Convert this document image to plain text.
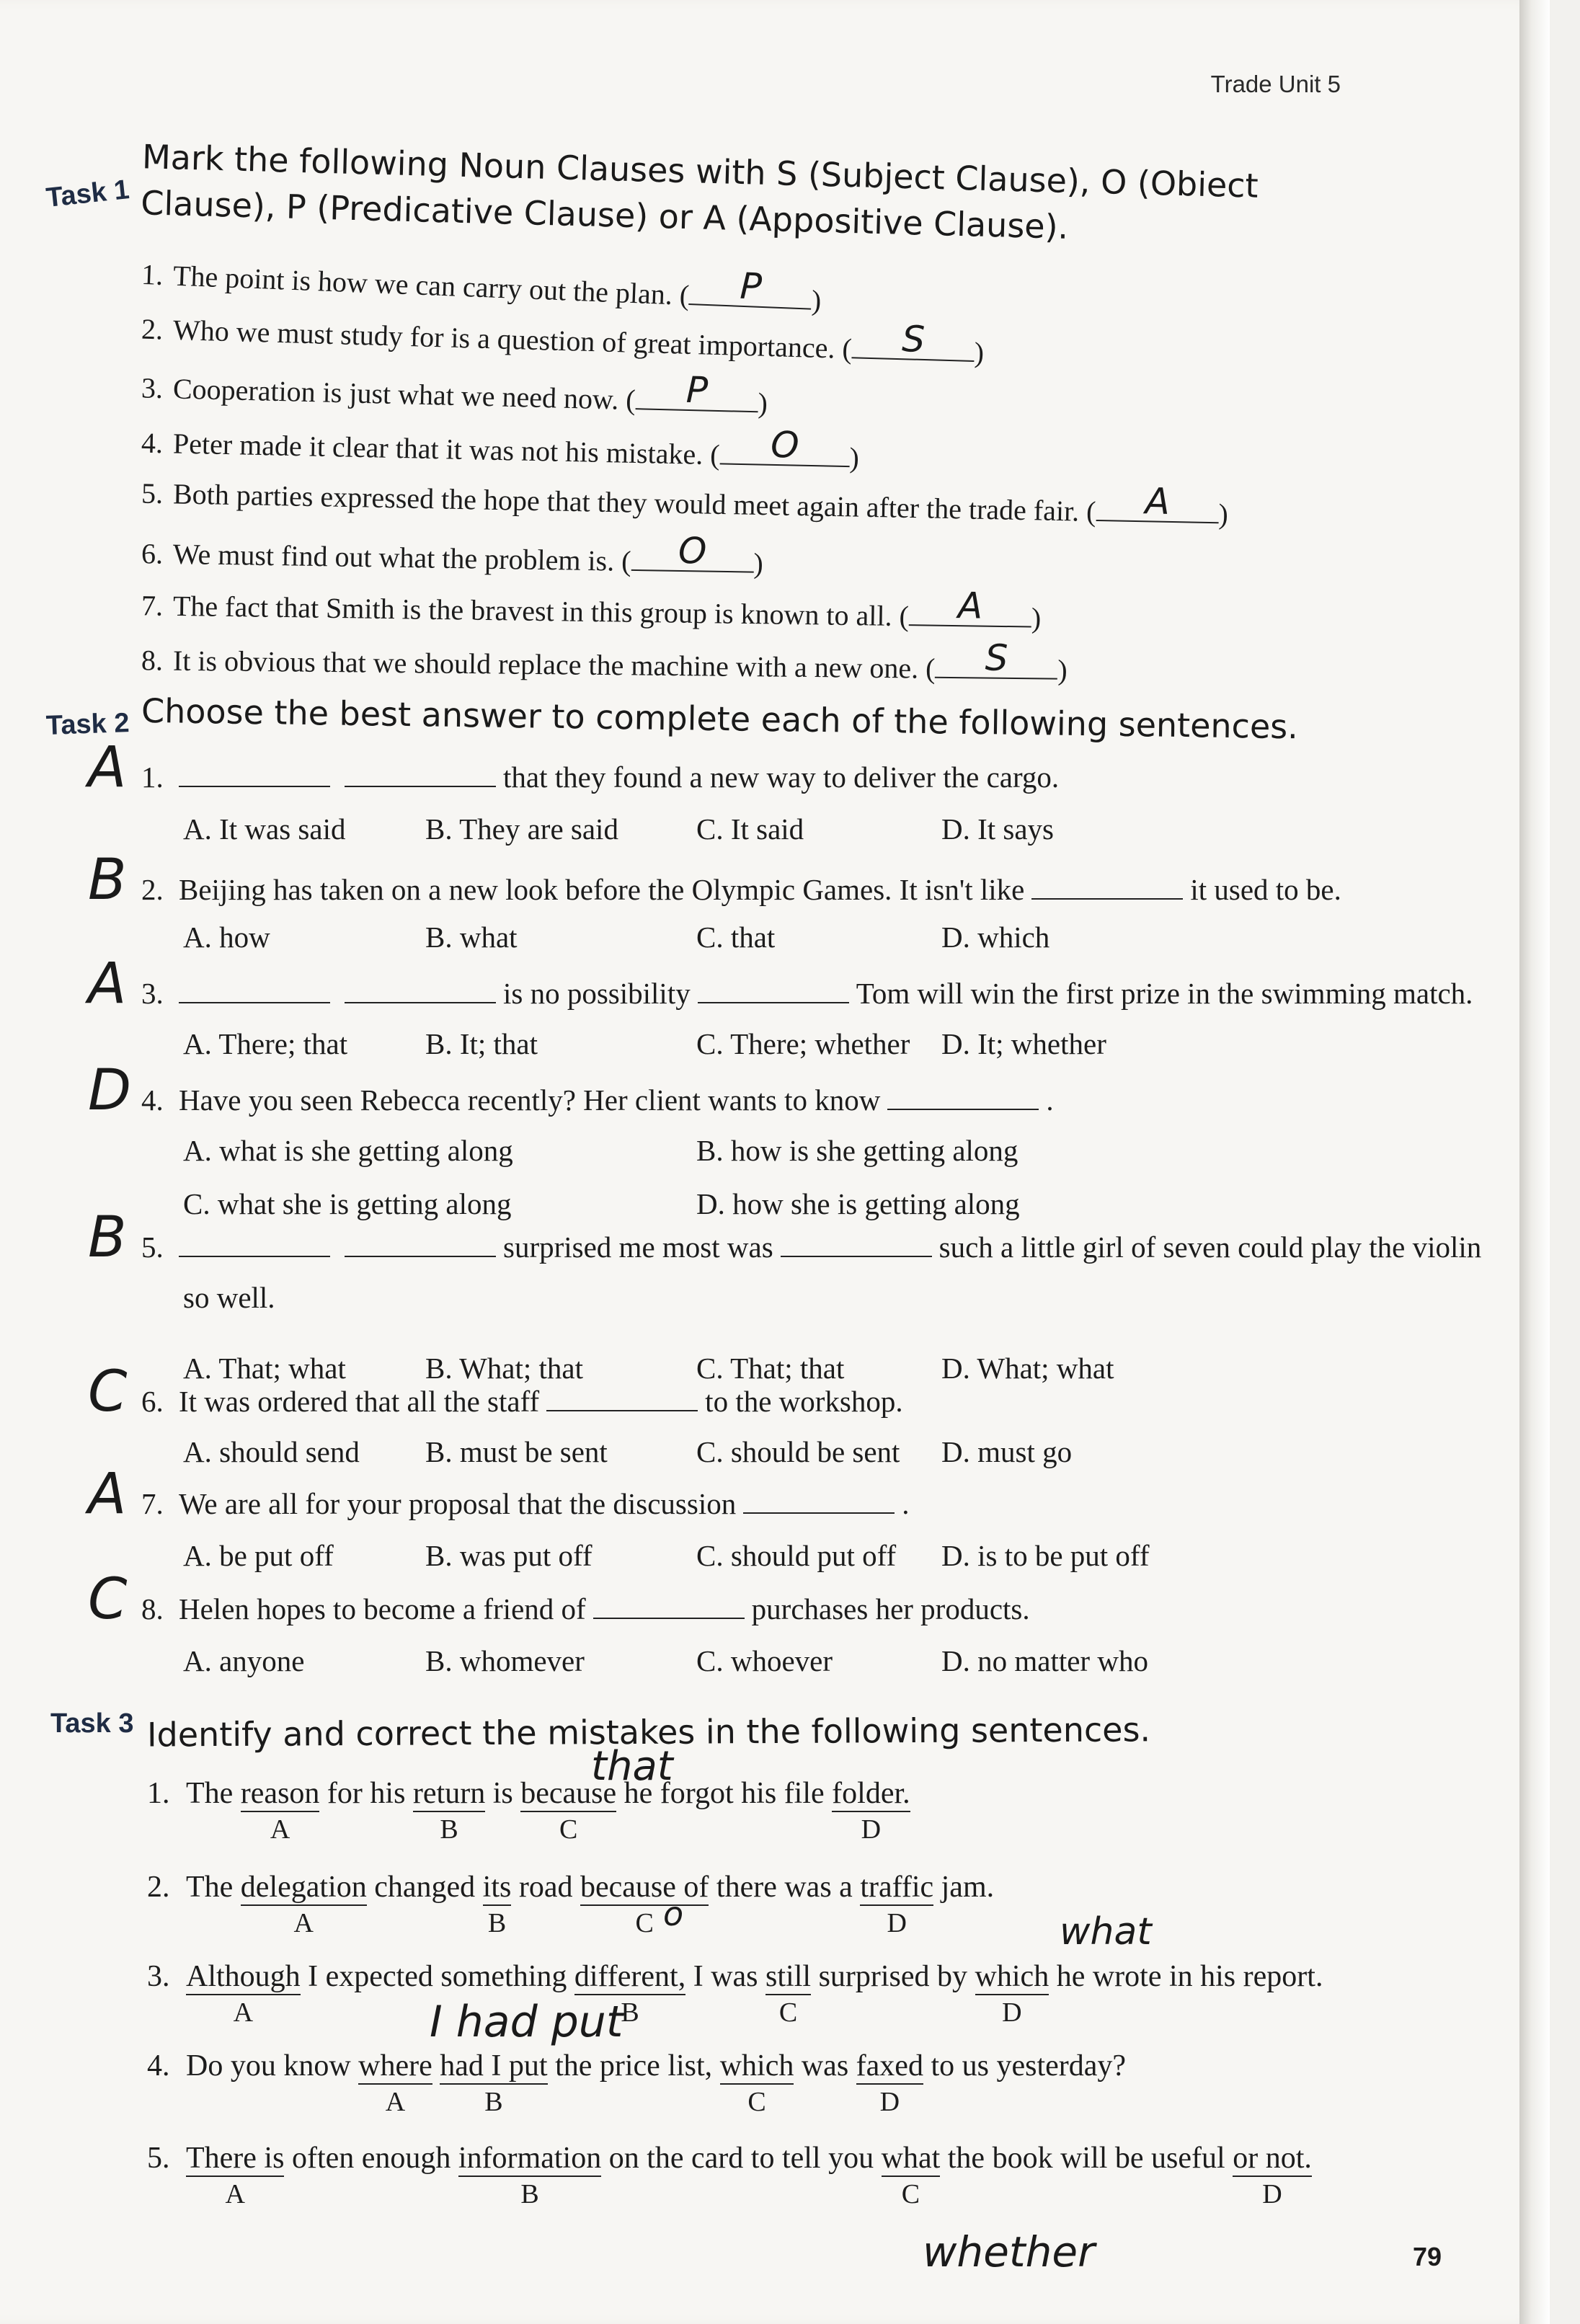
Trade Unit 5
Task 1 Mark the following Noun Clauses with S (Subject Clause), O (Obiect Clause), P (Predicative Clause) or A (Appositive Clause).
1. The point is how we can carry out the plan. (	P	)
2. Who we must study for is a question of great importance. (	S	)
3. Cooperation is just what we need now. (	P	)
4. Peter made it clear that it was not his mistake. (	O	)
5. Both parties expressed the hope that they would meet again after the trade fair. (	A	)
6. We must find out what the problem is. (	O	)
7. The fact that Smith is the bravest in this group is known to all. (	A	)
8. It is obvious that we should replace the machine with a new one. (	S	)
Task 2 Choose the best answer to complete each of the following sentences.
A 1.	that they found a new way to deliver the cargo.
A. It was said	B. They are said	C. It said	D. It says
B 2. Beijing has taken on a new look before the Olympic Games. It isn't like	it used to be.
A. how	B. what	C. that	D. which
A 3.	is no possibility	Tom will win the first prize in the swimming match.
A. There; that	B. It; that	C. There; whether D. It; whether
D 4. Have you seen Rebecca recently? Her client wants to know	.
A. what is she getting along	B. how is she getting along
C. what she is getting along	D. how she is getting along
B 5.	surprised me most was	such a little girl of seven could play the violin
so well.
A. That; what	B. What; that	C. That; that	D. What; what
C 6. It was ordered that all the staff	to the workshop.
A. should send B. must be sent	C. should be sent D. must go
A 7. We are all for your proposal that the discussion	.
A. be put off	B. was put off	C. should put off D. is to be put off
C 8. Helen hopes to become a friend of	purchases her products.
A. anyone	B. whomever	C. whoever	D. no matter who
Task 3 Identify and correct the mistakes in the following sentences.
1. The reason
A
for his return
B
is because
C
he forgot his file folder.
D
that
2. The delegation
A
changed its
B
road because of
C
there was a traffic
D
jam.
o
3. Although
A
I expected something different,
B
I was still
C
surprised by which
D
he wrote in his report.
what
4. Do you know where
A
had I put
B
the price list, which
C
was faxed
D
to us yesterday?
I had put
5. There is
A
often enough information
B
on the card to tell you what
C
the book will be useful or not.
D
whether	79
